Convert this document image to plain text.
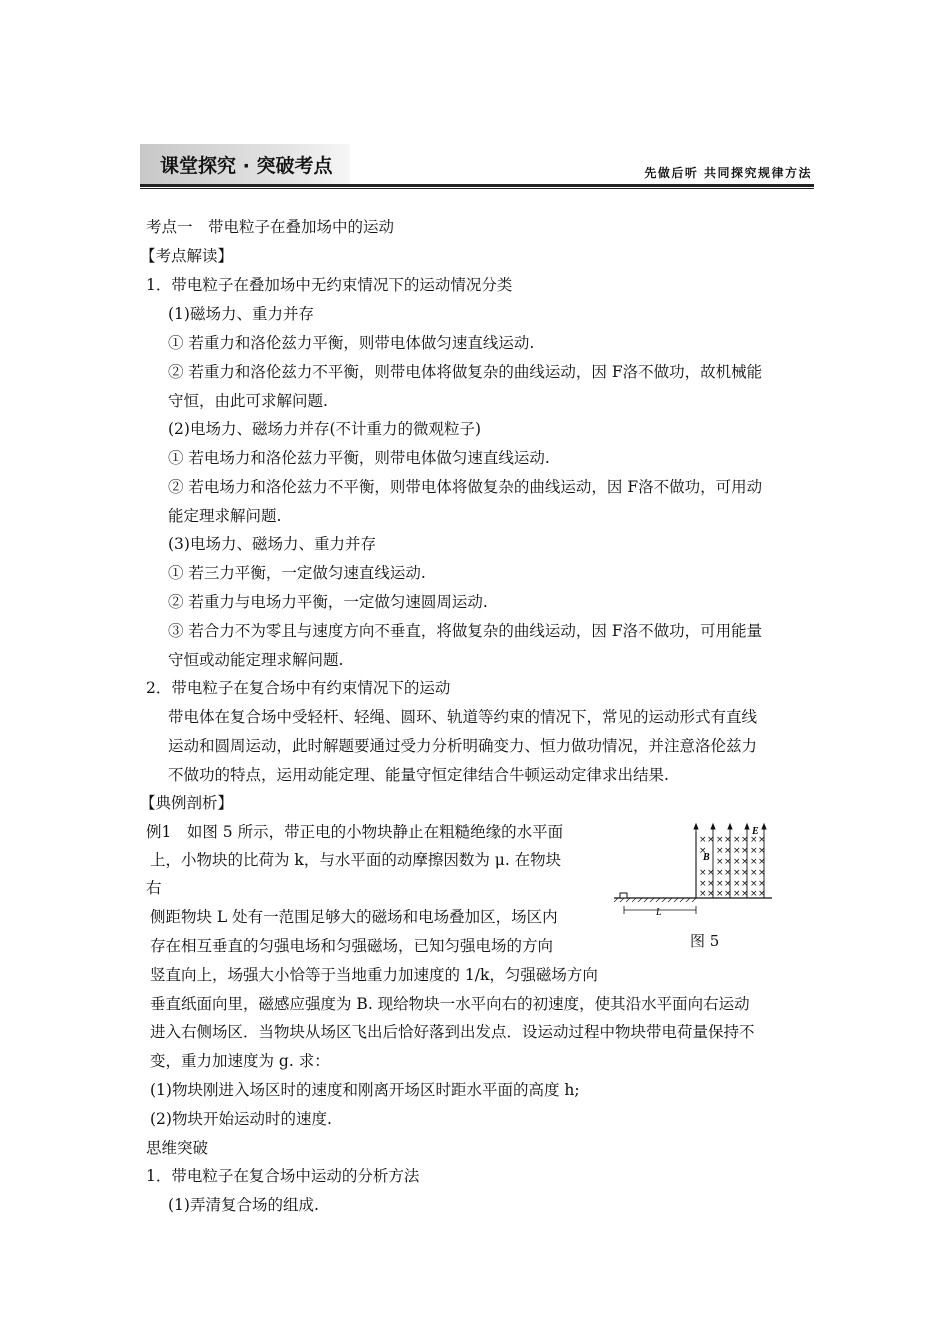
课堂探究 · 突破考点	先做后听 共同探究规律方法
考点一　带电粒子在叠加场中的运动
【考点解读】
1．带电粒子在叠加场中无约束情况下的运动情况分类
(1)磁场力、重力并存
① 若重力和洛伦兹力平衡，则带电体做匀速直线运动.
② 若重力和洛伦兹力不平衡，则带电体将做复杂的曲线运动，因 F洛不做功，故机械能
守恒，由此可求解问题.
(2)电场力、磁场力并存(不计重力的微观粒子)
① 若电场力和洛伦兹力平衡，则带电体做匀速直线运动.
② 若电场力和洛伦兹力不平衡，则带电体将做复杂的曲线运动，因 F洛不做功，可用动
能定理求解问题.
(3)电场力、磁场力、重力并存
① 若三力平衡，一定做匀速直线运动.
② 若重力与电场力平衡，一定做匀速圆周运动.
③ 若合力不为零且与速度方向不垂直，将做复杂的曲线运动，因 F洛不做功，可用能量
守恒或动能定理求解问题.
2．带电粒子在复合场中有约束情况下的运动
带电体在复合场中受轻杆、轻绳、圆环、轨道等约束的情况下，常见的运动形式有直线
运动和圆周运动，此时解题要通过受力分析明确变力、恒力做功情况，并注意洛伦兹力
不做功的特点，运用动能定理、能量守恒定律结合牛顿运动定律求出结果.
【典例剖析】
例1　如图 5 所示，带正电的小物块静止在粗糙绝缘的水平面
上，小物块的比荷为 k，与水平面的动摩擦因数为 μ. 在物块
右
侧距物块 L 处有一范围足够大的磁场和电场叠加区，场区内
存在相互垂直的匀强电场和匀强磁场，已知匀强电场的方向
竖直向上，场强大小恰等于当地重力加速度的 1/k，匀强磁场方向
垂直纸面向里，磁感应强度为 B. 现给物块一水平向右的初速度，使其沿水平面向右运动
进入右侧场区．当物块从场区飞出后恰好落到出发点．设运动过程中物块带电荷量保持不
变，重力加速度为 g. 求：
(1)物块刚进入场区时的速度和刚离开场区时距水平面的高度 h;
(2)物块开始运动时的速度.
思维突破
1．带电粒子在复合场中运动的分析方法
(1)弄清复合场的组成.
L
E
B
× × × × × × × ×
× × × × × × ×
× × × × × ×
× × × × × × × ×
× × × × × × × ×
× × × × × × × ×
图 5
